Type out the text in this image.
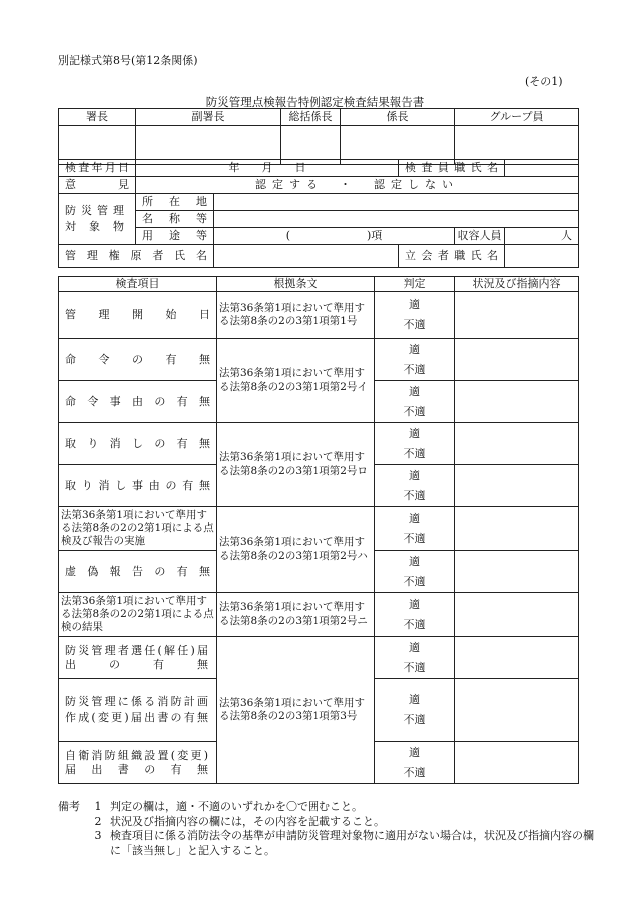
別記様式第8号(第12条関係)
(その1)
防災管理点検報告特例認定検査結果報告書
署長	副署長	総括係長	係長	グループ員

検査年月日	年　　月　　日		検査員職氏名		
意　　見	認定する　・　認定しない				
防災管理対象物	所在地				
	名称等				
	用途等	(　　　　　　　)項		収容人員	人
管理権原者氏名			立会者職氏名		
検査項目	根拠条文	判定	状況及び指摘内容
管理開始日	法第36条第1項において準用する法第8条の2の3第1項第1号	適
不適	

命令の有無	法第36条第1項において準用する法第8条の2の3第1項第2号イ	適
不適	

命令事由の有無		適
不適	

取り消しの有無	法第36条第1項において準用する法第8条の2の3第1項第2号ロ	適
不適	

取り消し事由の有無		適
不適	

法第36条第1項において準用する法第8条の2の2第1項による点検及び報告の実施	法第36条第1項において準用する法第8条の2の3第1項第2号ハ	適
不適	

虚偽報告の有無		適
不適	

法第36条第1項において準用する法第8条の2の2第1項による点検の結果	法第36条第1項において準用する法第8条の2の3第1項第2号ニ	適
不適	

防災管理者選任(解任)届出の有無	法第36条第1項において準用する法第8条の2の3第1項第3号	適
不適	

防災管理に係る消防計画作成(変更)届出書の有無		適
不適	

自衛消防組織設置(変更)届出書の有無		適
不適	

備考	1 判定の欄は，適・不適のいずれかを〇で囲むこと。
2 状況及び指摘内容の欄には，その内容を記載すること。
3 検査項目に係る消防法令の基準が申請防災管理対象物に適用がない場合は，状況及び指摘内容の欄に「該当無し」と記入すること。
